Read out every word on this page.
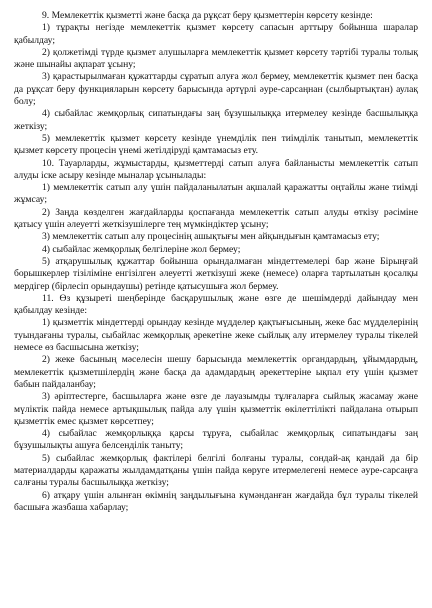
9. Мемлекеттік қызметті және басқа да рұқсат беру қызметтерін көрсету кезінде:

1) тұрақты негізде мемлекеттік қызмет көрсету сапасын арттыру бойынша шаралар қабылдау;

2) қолжетімді түрде қызмет алушыларға мемлекеттік қызмет көрсету тәртібі туралы толық және шынайы ақпарат ұсыну;

3) қарастырылмаған құжаттарды сұратып алуға жол бермеу, мемлекеттік қызмет пен басқа да рұқсат беру функцияларын көрсету барысында әртүрлі әуре-сарсаңнан (сылбыртықтан) аулақ болу;

4) сыбайлас жемқорлық сипатындағы заң бұзушылыққа итермелеу кезінде басшылыққа жеткізу;

5) мемлекеттік қызмет көрсету кезінде үнемділік пен тиімділік танытып, мемлекеттік қызмет көрсету процесін үнемі жетілдіруді қамтамасыз ету.

10. Тауарларды, жұмыстарды, қызметтерді сатып алуға байланысты мемлекеттік сатып алуды іске асыру кезінде мыналар ұсынылады:

1) мемлекеттік сатып алу үшін пайдаланылатын ақшалай қаражатты оңтайлы және тиімді жұмсау;

2) Заңда көзделген жағдайларды қоспағанда мемлекеттік сатып алуды өткізу рәсіміне қатысу үшін әлеуетті жеткізушілерге тең мүмкіндіктер ұсыну;

3) мемлекеттік сатып алу процесінің ашықтығы мен айқындығын қамтамасыз ету;

4) сыбайлас жемқорлық белгілеріне жол бермеу;

5) атқарушылық құжаттар бойынша орындалмаған міндеттемелері бар және Бірыңғай борышкерлер тізіліміне енгізілген әлеуетті жеткізуші жеке (немесе) оларға тартылатын қосалқы мердігер (бірлесіп орындаушы) ретінде қатысушыға жол бермеу.

11. Өз құзыреті шеңберінде басқарушылық және өзге де шешімдерді дайындау мен қабылдау кезінде:

1) қызметтік міндеттерді орындау кезінде мүдделер қақтығысының, жеке бас мүдделерінің туындағаны туралы, сыбайлас жемқорлық әрекетіне жеке сыйлық алу итермелеу туралы тікелей немесе өз басшысына жеткізу;

2) жеке басының мәселесін шешу барысында мемлекеттік органдардың, ұйымдардың, мемлекеттік қызметшілердің және басқа да адамдардың әрекеттеріне ықпал ету үшін қызмет бабын пайдаланбау;

3) әріптестерге, басшыларға және өзге де лауазымды тұлғаларға сыйлық жасамау және мүліктік пайда немесе артықшылық пайда алу үшін қызметтік өкілеттілікті пайдалана отырып қызметтік емес қызмет көрсетпеу;

4) сыбайлас жемқорлыққа қарсы тұруға, сыбайлас жемқорлық сипатындағы заң бұзушылықты ашуға белсенділік таныту;

5) сыбайлас жемқорлық фактілері белгілі болғаны туралы, сондай-ақ қандай да бір материалдарды қаражаты жылдамдатқаны үшін пайда көруге итермелегені немесе әуре-сарсаңға салғаны туралы басшылыққа жеткізу;

6) атқару үшін алынған өкімнің заңдылығына күмәнданған жағдайда бұл туралы тікелей басшыға жазбаша хабарлау;
